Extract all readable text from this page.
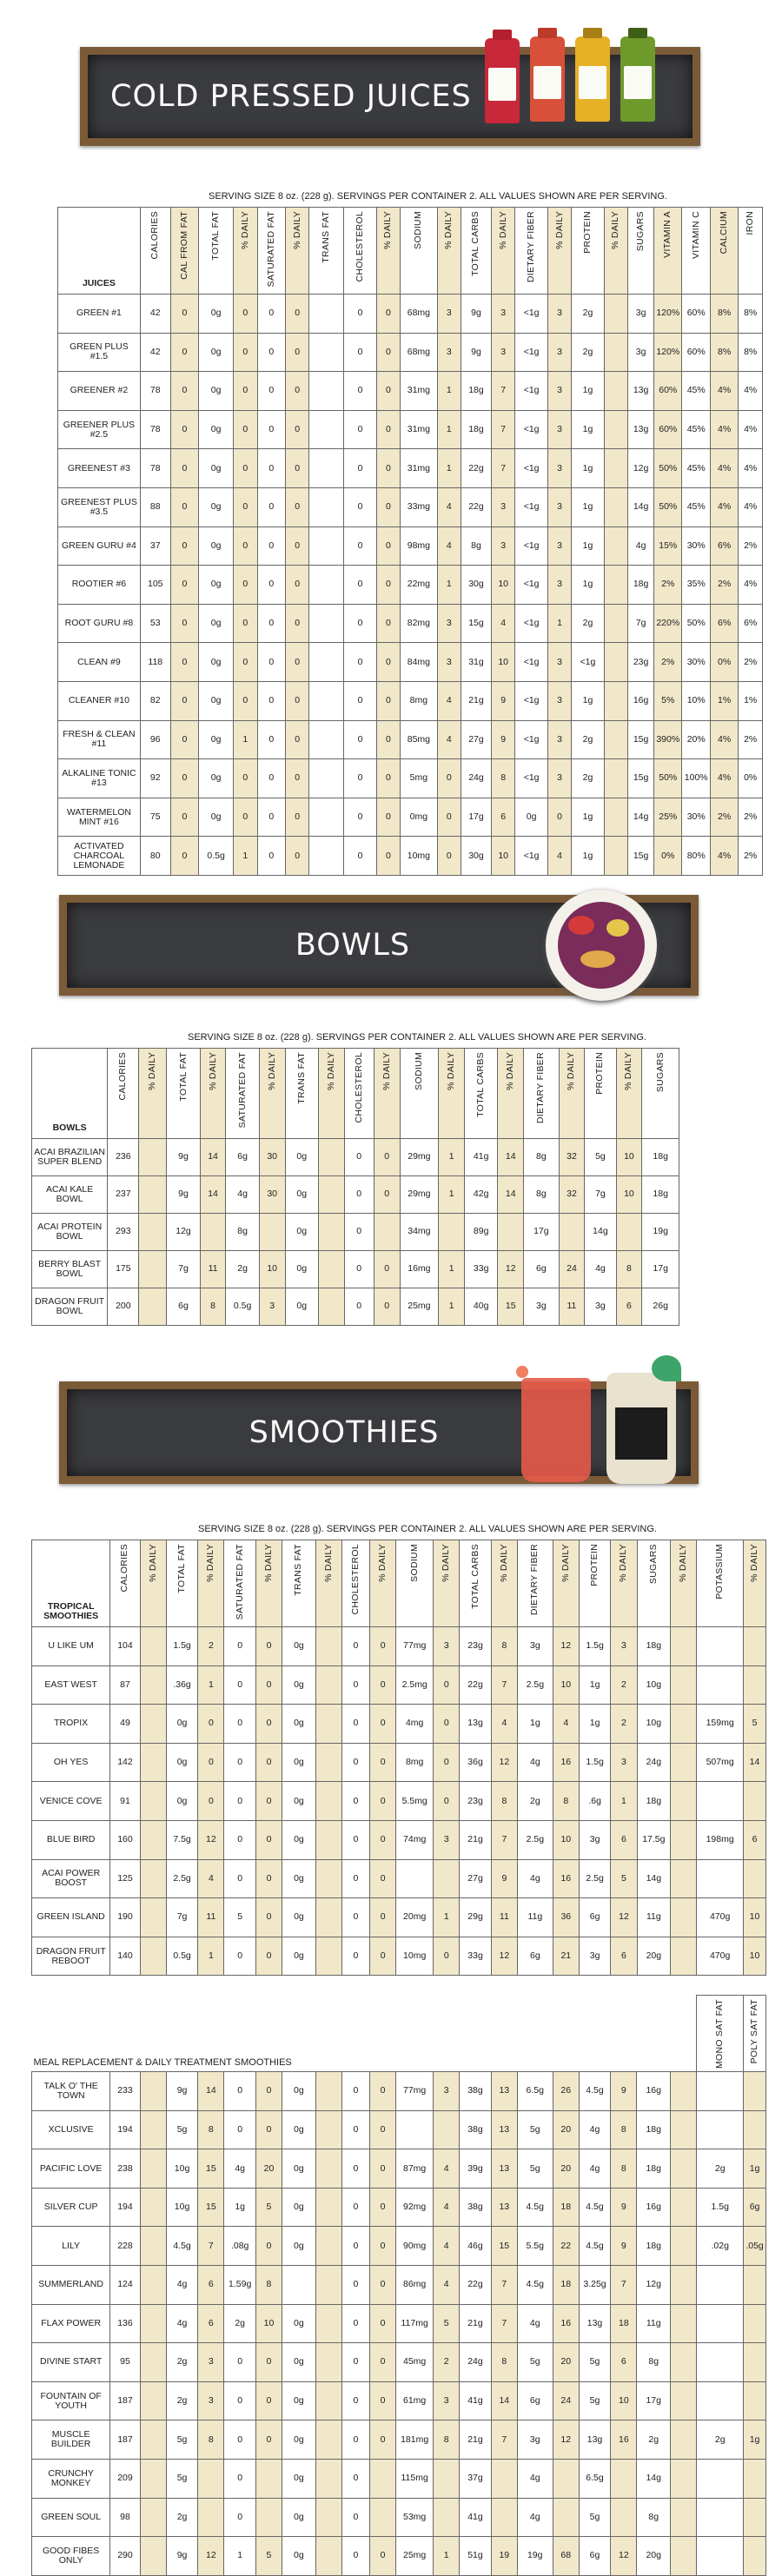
COLD PRESSED JUICES
SERVING SIZE 8 oz. (228 g). SERVINGS PER CONTAINER 2. ALL VALUES SHOWN ARE PER SERVING.
JUICES	CALORIES	CAL FROM FAT	TOTAL FAT	% DAILY	SATURATED FAT	% DAILY	TRANS FAT	CHOLESTEROL	% DAILY	SODIUM	% DAILY	TOTAL CARBS	% DAILY	DIETARY FIBER	% DAILY	PROTEIN	% DAILY	SUGARS	VITAMIN A	VITAMIN C	CALCIUM	IRON
GREEN #1	42	0	0g	0	0	0		0	0	68mg	3	9g	3	<1g	3	2g		3g	120%	60%	8%	8%
GREEN PLUS #1.5	42	0	0g	0	0	0		0	0	68mg	3	9g	3	<1g	3	2g		3g	120%	60%	8%	8%
GREENER #2	78	0	0g	0	0	0		0	0	31mg	1	18g	7	<1g	3	1g		13g	60%	45%	4%	4%
GREENER PLUS #2.5	78	0	0g	0	0	0		0	0	31mg	1	18g	7	<1g	3	1g		13g	60%	45%	4%	4%
GREENEST #3	78	0	0g	0	0	0		0	0	31mg	1	22g	7	<1g	3	1g		12g	50%	45%	4%	4%
GREENEST PLUS #3.5	88	0	0g	0	0	0		0	0	33mg	4	22g	3	<1g	3	1g		14g	50%	45%	4%	4%
GREEN GURU #4	37	0	0g	0	0	0		0	0	98mg	4	8g	3	<1g	3	1g		4g	15%	30%	6%	2%
ROOTIER #6	105	0	0g	0	0	0		0	0	22mg	1	30g	10	<1g	3	1g		18g	2%	35%	2%	4%
ROOT GURU #8	53	0	0g	0	0	0		0	0	82mg	3	15g	4	<1g	1	2g		7g	220%	50%	6%	6%
CLEAN #9	118	0	0g	0	0	0		0	0	84mg	3	31g	10	<1g	3	<1g		23g	2%	30%	0%	2%
CLEANER #10	82	0	0g	0	0	0		0	0	8mg	4	21g	9	<1g	3	1g		16g	5%	10%	1%	1%
FRESH & CLEAN #11	96	0	0g	1	0	0		0	0	85mg	4	27g	9	<1g	3	2g		15g	390%	20%	4%	2%
ALKALINE TONIC #13	92	0	0g	0	0	0		0	0	5mg	0	24g	8	<1g	3	2g		15g	50%	100%	4%	0%
WATERMELON MINT #16	75	0	0g	0	0	0		0	0	0mg	0	17g	6	0g	0	1g		14g	25%	30%	2%	2%
ACTIVATED CHARCOAL LEMONADE	80	0	0.5g	1	0	0		0	0	10mg	0	30g	10	<1g	4	1g		15g	0%	80%	4%	2%
BOWLS
SERVING SIZE 8 oz. (228 g). SERVINGS PER CONTAINER 2. ALL VALUES SHOWN ARE PER SERVING.
BOWLS	CALORIES	% DAILY	TOTAL FAT	% DAILY	SATURATED FAT	% DAILY	TRANS FAT	% DAILY	CHOLESTEROL	% DAILY	SODIUM	% DAILY	TOTAL CARBS	% DAILY	DIETARY FIBER	% DAILY	PROTEIN	% DAILY	SUGARS
ACAI BRAZILIAN SUPER BLEND	236		9g	14	6g	30	0g		0	0	29mg	1	41g	14	8g	32	5g	10	18g
ACAI KALE BOWL	237		9g	14	4g	30	0g		0	0	29mg	1	42g	14	8g	32	7g	10	18g
ACAI PROTEIN BOWL	293		12g		8g		0g		0		34mg		89g		17g		14g		19g
BERRY BLAST BOWL	175		7g	11	2g	10	0g		0	0	16mg	1	33g	12	6g	24	4g	8	17g
DRAGON FRUIT BOWL	200		6g	8	0.5g	3	0g		0	0	25mg	1	40g	15	3g	11	3g	6	26g
SMOOTHIES
SERVING SIZE 8 oz. (228 g). SERVINGS PER CONTAINER 2. ALL VALUES SHOWN ARE PER SERVING.
TROPICAL SMOOTHIES	CALORIES	% DAILY	TOTAL FAT	% DAILY	SATURATED FAT	% DAILY	TRANS FAT	% DAILY	CHOLESTEROL	% DAILY	SODIUM	% DAILY	TOTAL CARBS	% DAILY	DIETARY FIBER	% DAILY	PROTEIN	% DAILY	SUGARS	% DAILY	POTASSIUM	% DAILY
U LIKE UM	104		1.5g	2	0	0	0g		0	0	77mg	3	23g	8	3g	12	1.5g	3	18g			
EAST WEST	87		.36g	1	0	0	0g		0	0	2.5mg	0	22g	7	2.5g	10	1g	2	10g			
TROPIX	49		0g	0	0	0	0g		0	0	4mg	0	13g	4	1g	4	1g	2	10g		159mg	5
OH YES	142		0g	0	0	0	0g		0	0	8mg	0	36g	12	4g	16	1.5g	3	24g		507mg	14
VENICE COVE	91		0g	0	0	0	0g		0	0	5.5mg	0	23g	8	2g	8	.6g	1	18g			
BLUE BIRD	160		7.5g	12	0	0	0g		0	0	74mg	3	21g	7	2.5g	10	3g	6	17.5g		198mg	6
ACAI POWER BOOST	125		2.5g	4	0	0	0g		0	0			27g	9	4g	16	2.5g	5	14g			
GREEN ISLAND	190		7g	11	5	0	0g		0	0	20mg	1	29g	11	11g	36	6g	12	11g		470g	10
DRAGON FRUIT REBOOT	140		0.5g	1	0	0	0g		0	0	10mg	0	33g	12	6g	21	3g	6	20g		470g	10
MEAL REPLACEMENT & DAILY TREATMENT SMOOTHIES																					MONO SAT FAT	POLY SAT FAT
TALK O' THE TOWN	233		9g	14	0	0	0g		0	0	77mg	3	38g	13	6.5g	26	4.5g	9	16g			
XCLUSIVE	194		5g	8	0	0	0g		0	0			38g	13	5g	20	4g	8	18g			
PACIFIC LOVE	238		10g	15	4g	20	0g		0	0	87mg	4	39g	13	5g	20	4g	8	18g		2g	1g
SILVER CUP	194		10g	15	1g	5	0g		0	0	92mg	4	38g	13	4.5g	18	4.5g	9	16g		1.5g	6g
LILY	228		4.5g	7	.08g	0	0g		0	0	90mg	4	46g	15	5.5g	22	4.5g	9	18g		.02g	.05g
SUMMERLAND	124		4g	6	1.59g	8			0	0	86mg	4	22g	7	4.5g	18	3.25g	7	12g			
FLAX POWER	136		4g	6	2g	10	0g		0	0	117mg	5	21g	7	4g	16	13g	18	11g			
DIVINE START	95		2g	3	0	0	0g		0	0	45mg	2	24g	8	5g	20	5g	6	8g			
FOUNTAIN OF YOUTH	187		2g	3	0	0	0g		0	0	61mg	3	41g	14	6g	24	5g	10	17g			
MUSCLE BUILDER	187		5g	8	0	0	0g		0	0	181mg	8	21g	7	3g	12	13g	16	2g		2g	1g
CRUNCHY MONKEY	209		5g		0		0g		0		115mg		37g		4g		6.5g		14g			
GREEN SOUL	98		2g		0		0g		0		53mg		41g		4g		5g		8g			
GOOD FIBES ONLY	290		9g	12	1	5	0g		0	0	25mg	1	51g	19	19g	68	6g	12	20g			
